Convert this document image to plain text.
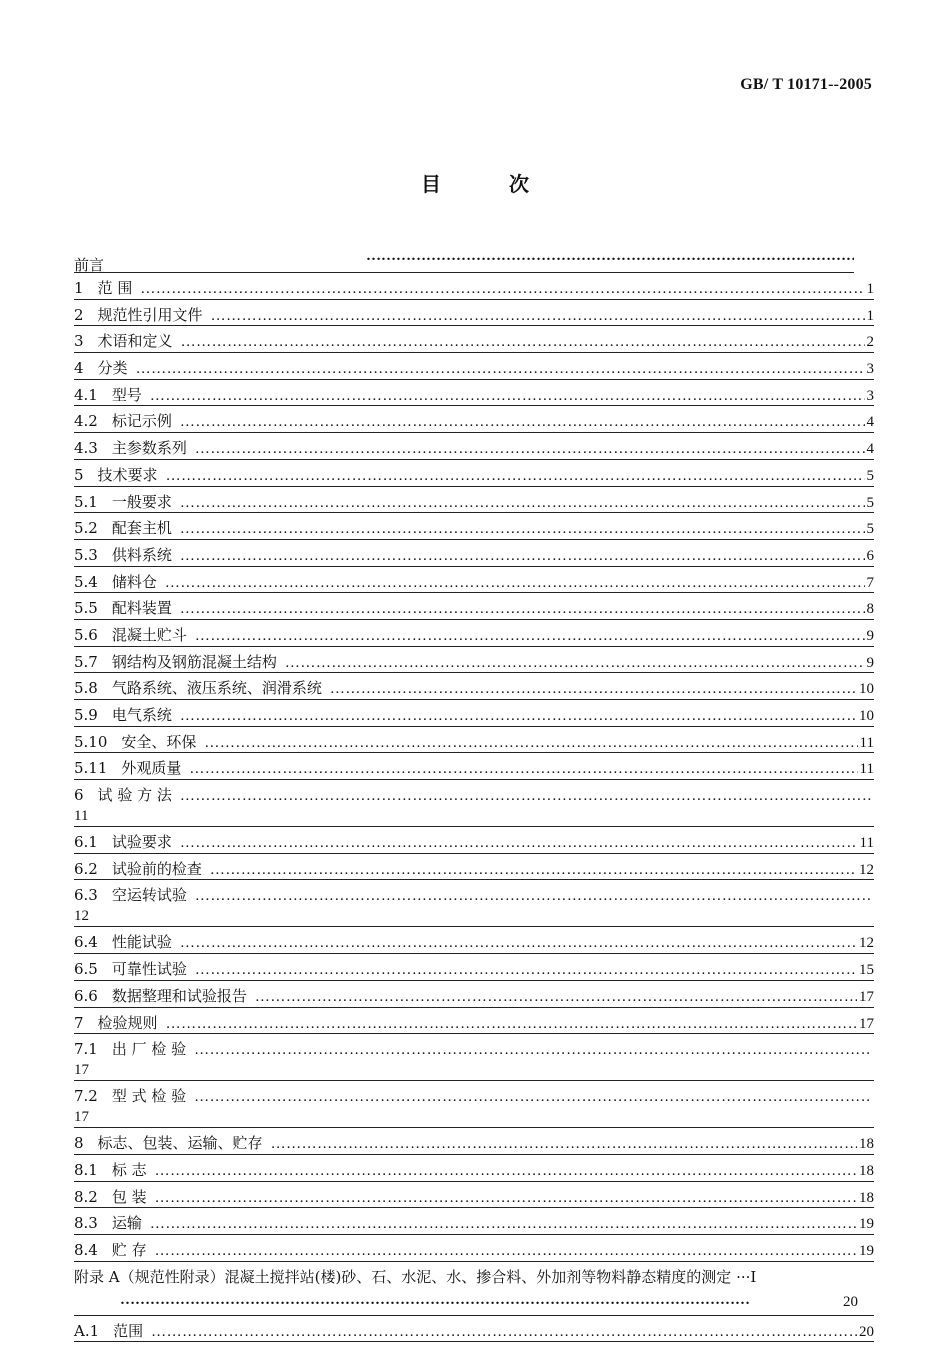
GB/ T 10171--2005
目	次
前言
…………………………………………………………………………………………………………………
1 范 围 ……………………………………………………………………………………………………………………………………………………………………	1
2 规范性引用文件 ……………………………………………………………………………………………………………………………………………………………………	1
3 术语和定义 ……………………………………………………………………………………………………………………………………………………………………	2
4 分类 ……………………………………………………………………………………………………………………………………………………………………	3
4.1 型号 ……………………………………………………………………………………………………………………………………………………………………	3
4.2 标记示例 ……………………………………………………………………………………………………………………………………………………………………	4
4.3 主参数系列 ……………………………………………………………………………………………………………………………………………………………………	4
5 技术要求 ……………………………………………………………………………………………………………………………………………………………………	5
5.1 一般要求 ……………………………………………………………………………………………………………………………………………………………………	5
5.2 配套主机 ……………………………………………………………………………………………………………………………………………………………………	5
5.3 供料系统 ……………………………………………………………………………………………………………………………………………………………………	6
5.4 储料仓 ……………………………………………………………………………………………………………………………………………………………………	7
5.5 配料装置 ……………………………………………………………………………………………………………………………………………………………………	8
5.6 混凝土贮斗 ……………………………………………………………………………………………………………………………………………………………………	9
5.7 钢结构及钢筋混凝土结构 ……………………………………………………………………………………………………………………………………………………………………	9
5.8 气路系统、液压系统、润滑系统 ……………………………………………………………………………………………………………………………………………………………………	10
5.9 电气系统 ……………………………………………………………………………………………………………………………………………………………………	10
5.10 安全、环保 ……………………………………………………………………………………………………………………………………………………………………	11
5.11 外观质量 ……………………………………………………………………………………………………………………………………………………………………	11
6 试 验 方 法
……………………………………………………………………………………………………………………………………………………………………
11
6.1 试验要求 ……………………………………………………………………………………………………………………………………………………………………	11
6.2 试验前的检查 ……………………………………………………………………………………………………………………………………………………………………	12
6.3 空运转试验
……………………………………………………………………………………………………………………………………………………………………
12
6.4 性能试验 ……………………………………………………………………………………………………………………………………………………………………	12
6.5 可靠性试验 ……………………………………………………………………………………………………………………………………………………………………	15
6.6 数据整理和试验报告 ……………………………………………………………………………………………………………………………………………………………………	17
7 检验规则 ……………………………………………………………………………………………………………………………………………………………………	17
7.1 出 厂 检 验
……………………………………………………………………………………………………………………………………………………………………
17
7.2 型 式 检 验
……………………………………………………………………………………………………………………………………………………………………
17
8 标志、包装、运输、贮存 ……………………………………………………………………………………………………………………………………………………………………	18
8.1 标 志 ……………………………………………………………………………………………………………………………………………………………………	18
8.2 包 装 ……………………………………………………………………………………………………………………………………………………………………	18
8.3 运输 ……………………………………………………………………………………………………………………………………………………………………	19
8.4 贮 存 ……………………………………………………………………………………………………………………………………………………………………	19
附录 A（规范性附录）混凝土搅拌站(楼)砂、石、水泥、水、掺合料、外加剂等物料静态精度的测定 ···I
………………………………………………………………………………………………………………
20
A.1 范围 ……………………………………………………………………………………………………………………………………………………………………	20
